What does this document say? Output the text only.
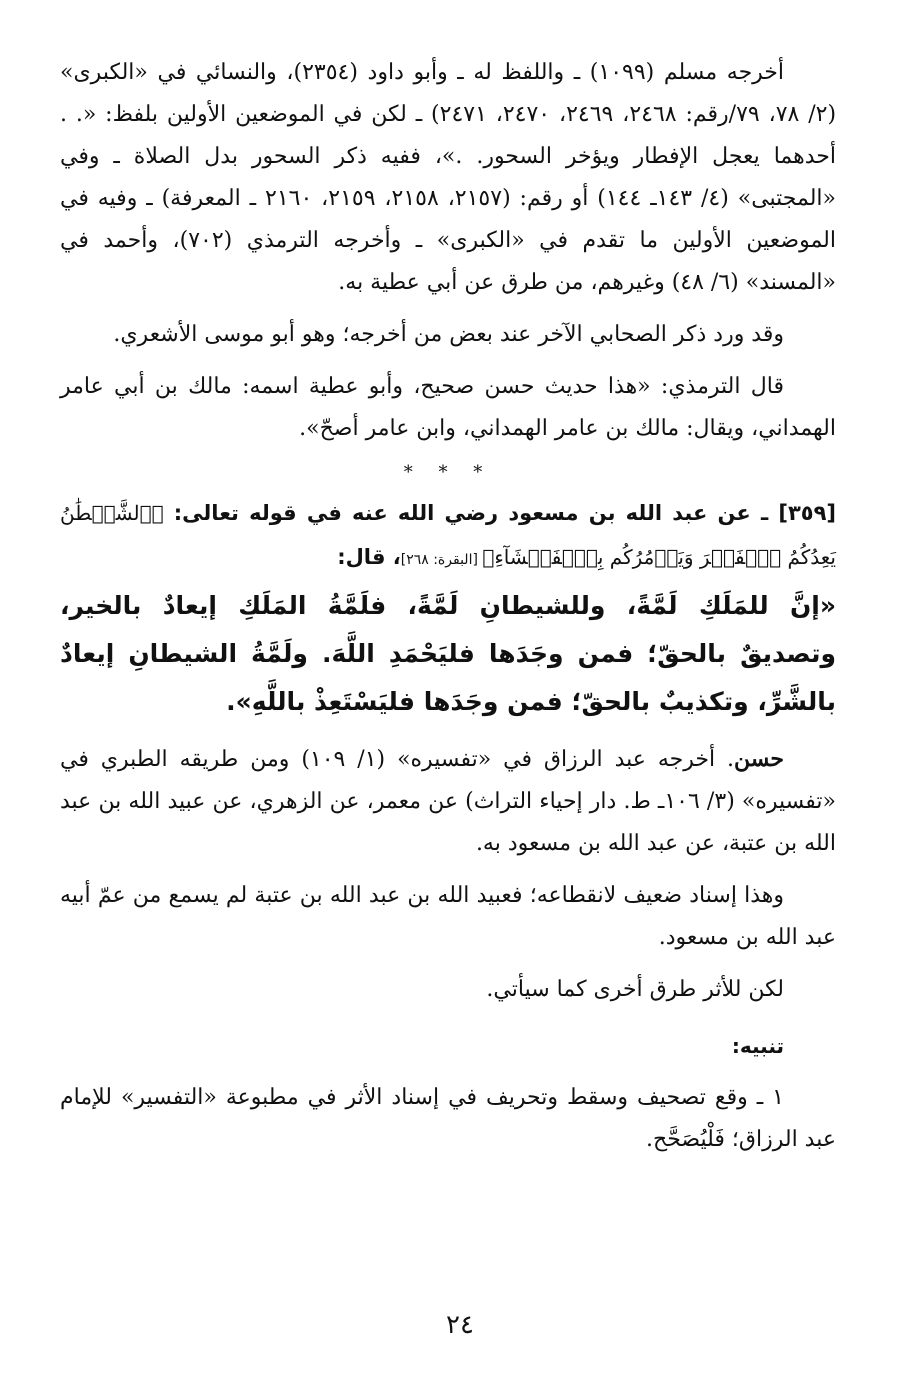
أخرجه مسلم (١٠٩٩) ـ واللفظ له ـ وأبو داود (٢٣٥٤)، والنسائي في «الكبرى» (٢/ ٧٨، ٧٩/رقم: ٢٤٦٨، ٢٤٦٩، ٢٤٧٠، ٢٤٧١) ـ لكن في الموضعين الأولين بلفظ: «. . أحدهما يعجل الإفطار ويؤخر السحور. .»، ففيه ذكر السحور بدل الصلاة ـ وفي «المجتبى» (٤/ ١٤٣ـ ١٤٤) أو رقم: (٢١٥٧، ٢١٥٨، ٢١٥٩، ٢١٦٠ ـ المعرفة) ـ وفيه في الموضعين الأولين ما تقدم في «الكبرى» ـ وأخرجه الترمذي (٧٠٢)، وأحمد في «المسند» (٦/ ٤٨) وغيرهم، من طرق عن أبي عطية به.

وقد ورد ذكر الصحابي الآخر عند بعض من أخرجه؛ وهو أبو موسى الأشعري.

قال الترمذي: «هذا حديث حسن صحيح، وأبو عطية اسمه: مالك بن أبي عامر الهمداني، ويقال: مالك بن عامر الهمداني، وابن عامر أصحّ».

* * *

[٣٥٩] ـ عن عبد الله بن مسعود رضي الله عنه في قوله تعالى: ﴿ٱلشَّيۡطَٰنُ يَعِدُكُمُ ٱلۡفَقۡرَ وَيَأۡمُرُكُم بِٱلۡفَحۡشَآءِ﴾ [البقرة: ٢٦٨]، قال:

«إنَّ للمَلَكِ لَمَّةً، وللشيطانِ لَمَّةً، فلَمَّةُ المَلَكِ إيعادٌ بالخير، وتصديقٌ بالحقّ؛ فمن وجَدَها فليَحْمَدِ اللَّهَ. ولَمَّةُ الشيطانِ إيعادٌ بالشَّرِّ، وتكذيبٌ بالحقّ؛ فمن وجَدَها فليَسْتَعِذْ باللَّهِ».

حسن. أخرجه عبد الرزاق في «تفسيره» (١/ ١٠٩) ومن طريقه الطبري في «تفسيره» (٣/ ١٠٦ـ ط. دار إحياء التراث) عن معمر، عن الزهري، عن عبيد الله بن عبد الله بن عتبة، عن عبد الله بن مسعود به.

وهذا إسناد ضعيف لانقطاعه؛ فعبيد الله بن عبد الله بن عتبة لم يسمع من عمّ أبيه عبد الله بن مسعود.

لكن للأثر طرق أخرى كما سيأتي.

تنبيه:

١ ـ وقع تصحيف وسقط وتحريف في إسناد الأثر في مطبوعة «التفسير» للإمام عبد الرزاق؛ فَلْيُصَحَّح.

٢٤
